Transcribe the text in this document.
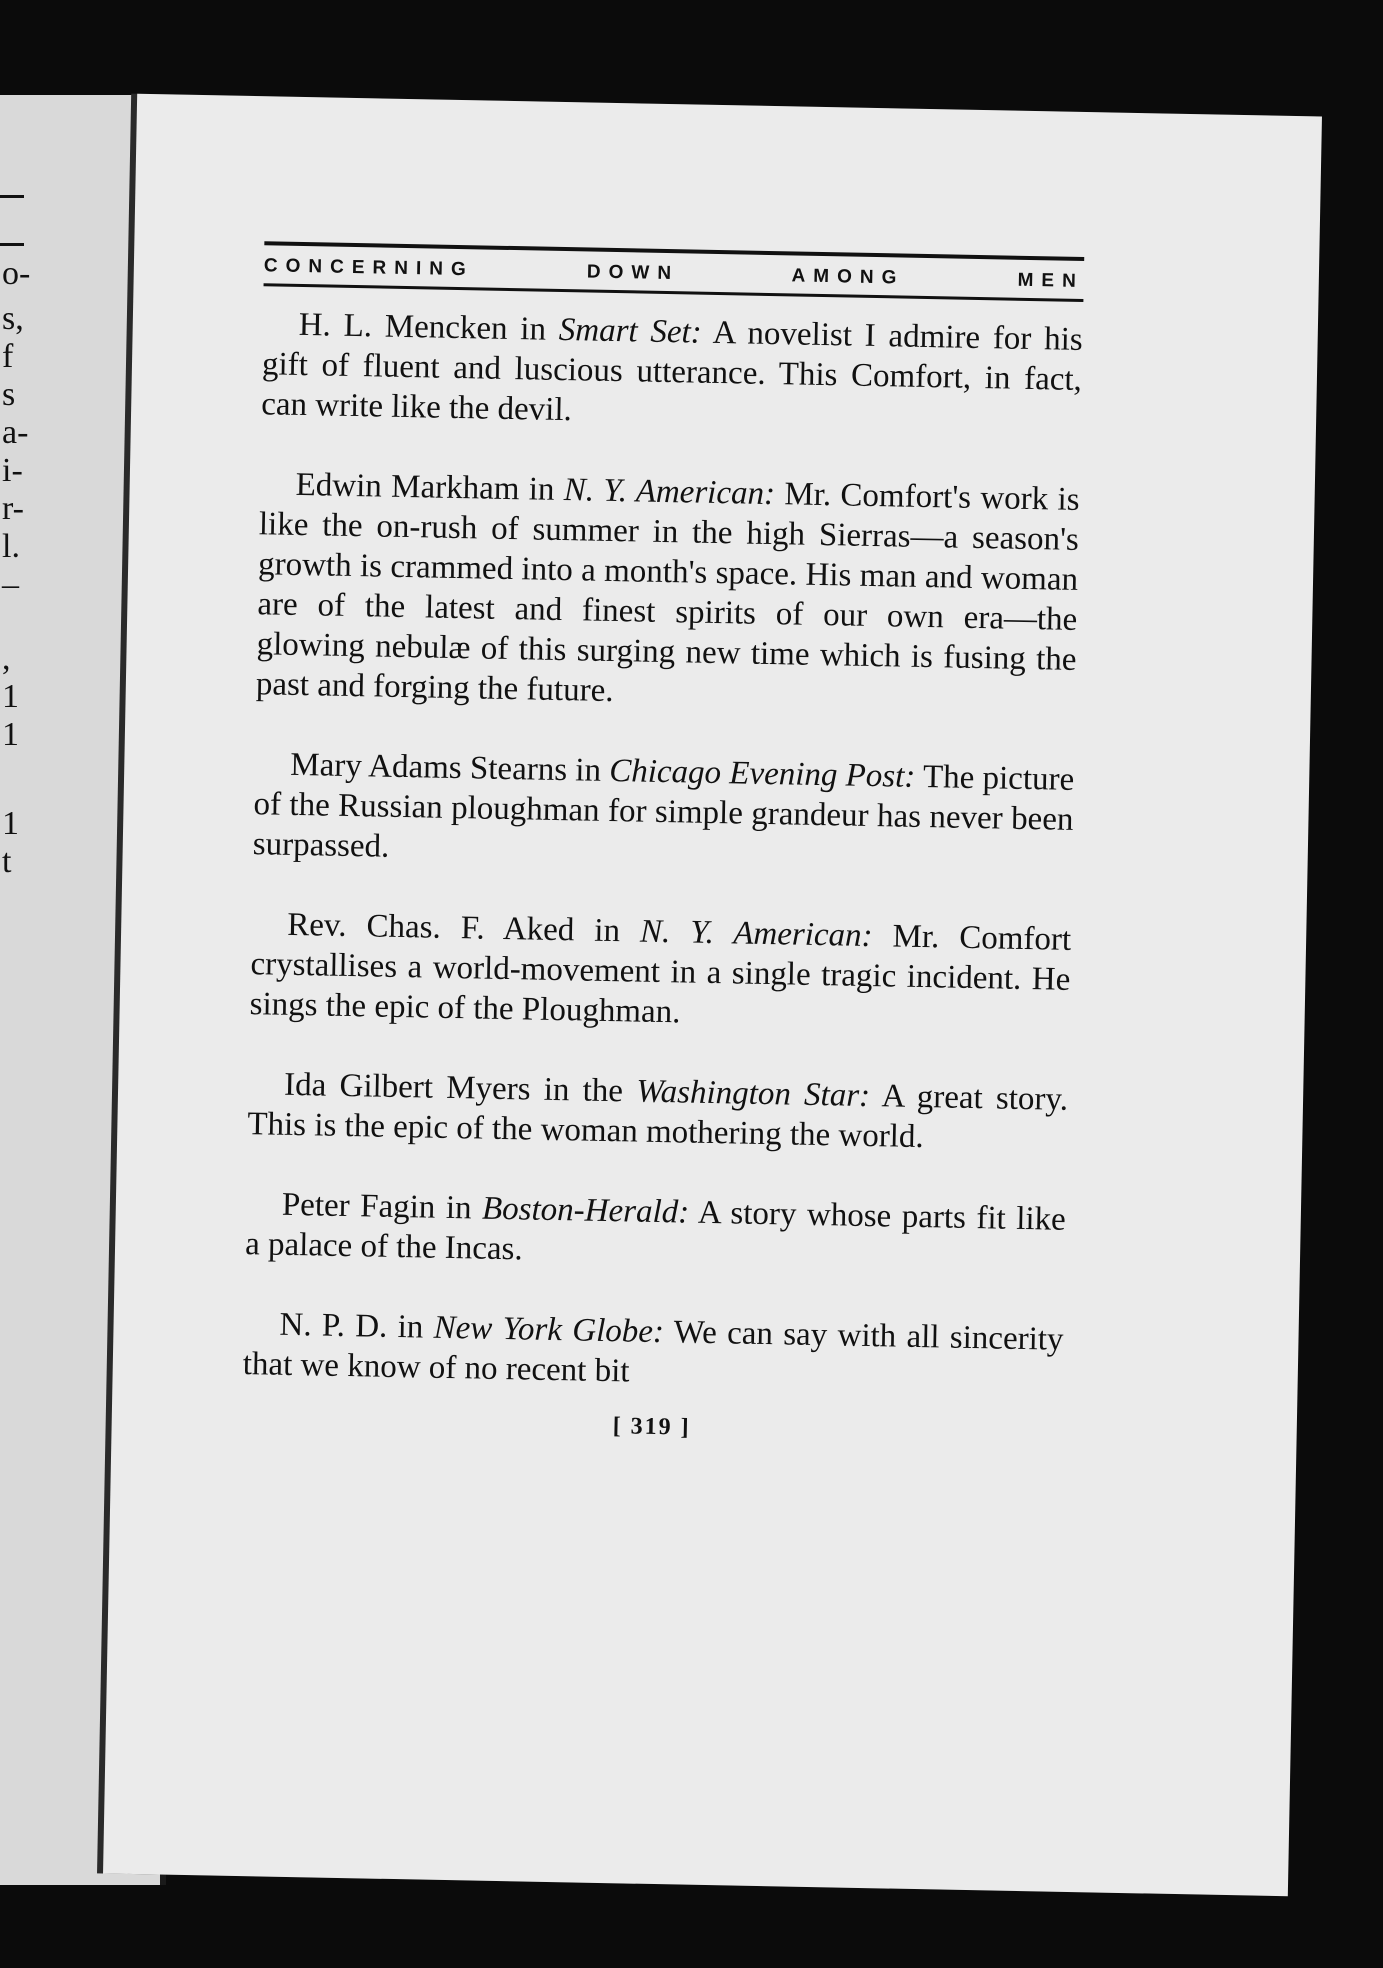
o-
s,
f
s
a-
i-
r-
l.
–
,
1
1
1
t
CONCERNING DOWN AMONG MEN

H. L. Mencken in Smart Set: A novelist I admire for his gift of fluent and luscious utterance. This Comfort, in fact, can write like the devil.

Edwin Markham in N. Y. American: Mr. Comfort's work is like the on-rush of summer in the high Sierras—a season's growth is crammed into a month's space. His man and woman are of the latest and finest spirits of our own era—the glowing nebulæ of this surging new time which is fusing the past and forging the future.

Mary Adams Stearns in Chicago Evening Post: The picture of the Russian ploughman for simple grandeur has never been surpassed.

Rev. Chas. F. Aked in N. Y. American: Mr. Comfort crystallises a world-movement in a single tragic incident. He sings the epic of the Ploughman.

Ida Gilbert Myers in the Washington Star: A great story. This is the epic of the woman mothering the world.

Peter Fagin in Boston-Herald: A story whose parts fit like a palace of the Incas.

N. P. D. in New York Globe: We can say with all sincerity that we know of no recent bit

[ 319 ]
